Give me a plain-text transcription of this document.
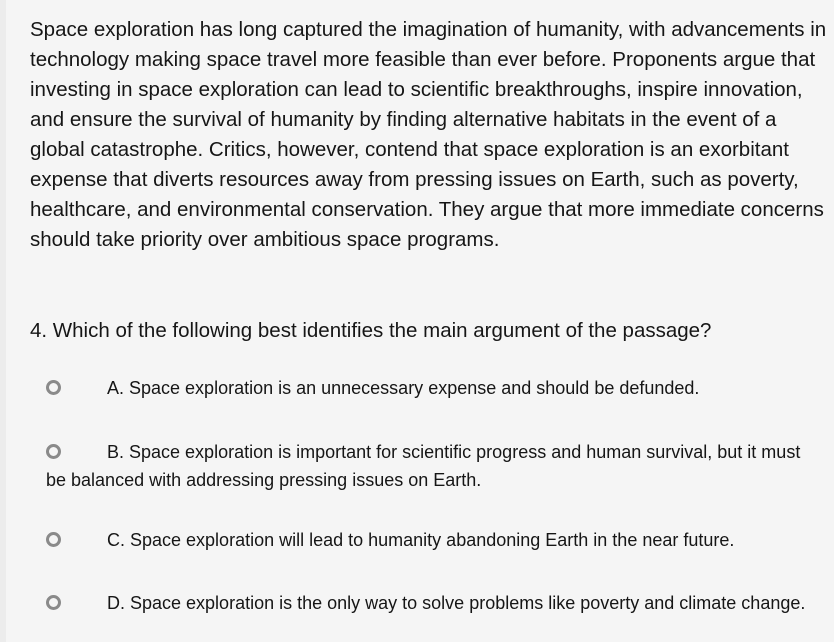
Space exploration has long captured the imagination of humanity, with advancements in technology making space travel more feasible than ever before. Proponents argue that investing in space exploration can lead to scientific breakthroughs, inspire innovation, and ensure the survival of humanity by finding alternative habitats in the event of a global catastrophe. Critics, however, contend that space exploration is an exorbitant expense that diverts resources away from pressing issues on Earth, such as poverty, healthcare, and environmental conservation. They argue that more immediate concerns should take priority over ambitious space programs.

4. Which of the following best identifies the main argument of the passage?

A. Space exploration is an unnecessary expense and should be defunded.
B. Space exploration is important for scientific progress and human survival, but it must be balanced with addressing pressing issues on Earth.
C. Space exploration will lead to humanity abandoning Earth in the near future.
D. Space exploration is the only way to solve problems like poverty and climate change.
